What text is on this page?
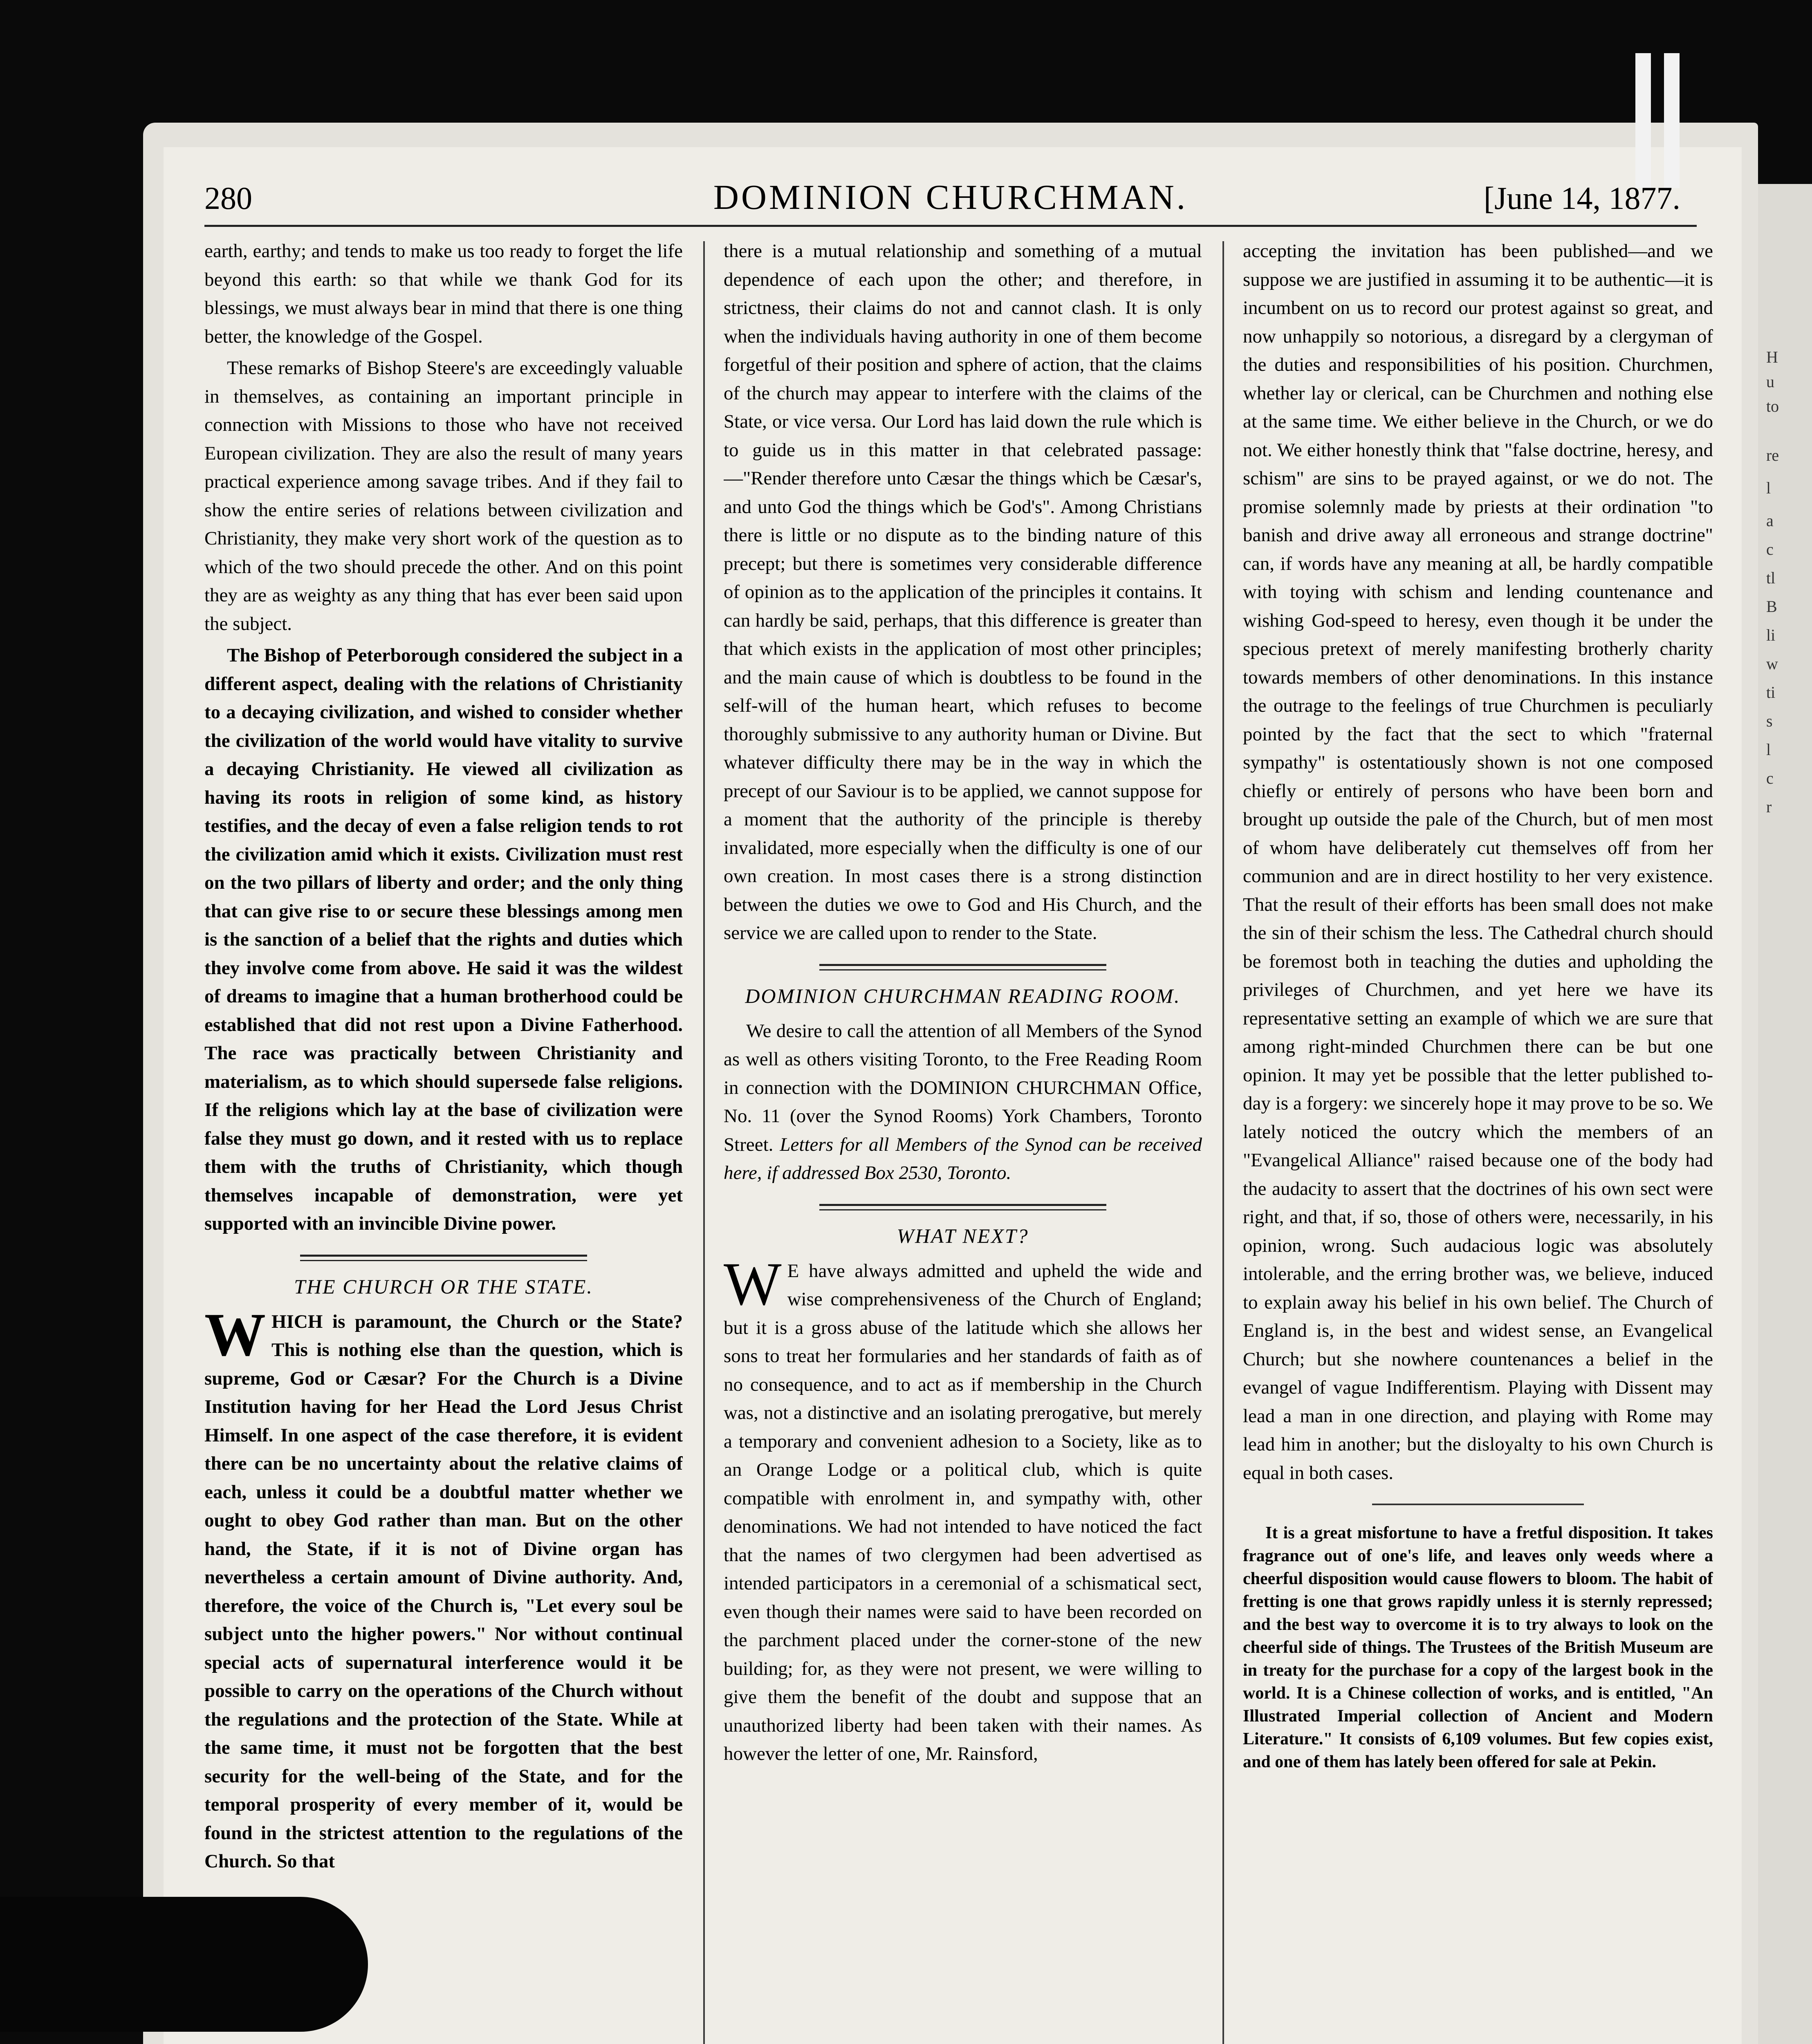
H
u
to
re
l
a
c
tl
B
li
w
ti
s
l
c
r
280	DOMINION CHURCHMAN.	[June 14, 1877.

earth, earthy; and tends to make us too ready to forget the life beyond this earth: so that while we thank God for its blessings, we must always bear in mind that there is one thing better, the knowledge of the Gospel.

These remarks of Bishop Steere's are exceedingly valuable in themselves, as containing an important principle in connection with Missions to those who have not received European civilization. They are also the result of many years practical experience among savage tribes. And if they fail to show the entire series of relations between civilization and Christianity, they make very short work of the question as to which of the two should precede the other. And on this point they are as weighty as any thing that has ever been said upon the subject.

The Bishop of Peterborough considered the subject in a different aspect, dealing with the relations of Christianity to a decaying civilization, and wished to consider whether the civilization of the world would have vitality to survive a decaying Christianity. He viewed all civilization as having its roots in religion of some kind, as history testifies, and the decay of even a false religion tends to rot the civilization amid which it exists. Civilization must rest on the two pillars of liberty and order; and the only thing that can give rise to or secure these blessings among men is the sanction of a belief that the rights and duties which they involve come from above. He said it was the wildest of dreams to imagine that a human brotherhood could be established that did not rest upon a Divine Fatherhood. The race was practically between Christianity and materialism, as to which should supersede false religions. If the religions which lay at the base of civilization were false they must go down, and it rested with us to replace them with the truths of Christianity, which though themselves incapable of demonstration, were yet supported with an invincible Divine power.

THE CHURCH OR THE STATE.

WHICH is paramount, the Church or the State? This is nothing else than the question, which is supreme, God or Cæsar? For the Church is a Divine Institution having for her Head the Lord Jesus Christ Himself. In one aspect of the case therefore, it is evident there can be no uncertainty about the relative claims of each, unless it could be a doubtful matter whether we ought to obey God rather than man. But on the other hand, the State, if it is not of Divine organ has nevertheless a certain amount of Divine authority. And, therefore, the voice of the Church is, "Let every soul be subject unto the higher powers." Nor without continual special acts of supernatural interference would it be possible to carry on the operations of the Church without the regulations and the protection of the State. While at the same time, it must not be forgotten that the best security for the well-being of the State, and for the temporal prosperity of every member of it, would be found in the strictest attention to the regulations of the Church. So that

there is a mutual relationship and something of a mutual dependence of each upon the other; and therefore, in strictness, their claims do not and cannot clash. It is only when the individuals having authority in one of them become forgetful of their position and sphere of action, that the claims of the church may appear to interfere with the claims of the State, or vice versa. Our Lord has laid down the rule which is to guide us in this matter in that celebrated passage: —"Render therefore unto Cæsar the things which be Cæsar's, and unto God the things which be God's". Among Christians there is little or no dispute as to the binding nature of this precept; but there is sometimes very considerable difference of opinion as to the application of the principles it contains. It can hardly be said, perhaps, that this difference is greater than that which exists in the application of most other principles; and the main cause of which is doubtless to be found in the self-will of the human heart, which refuses to become thoroughly submissive to any authority human or Divine. But whatever difficulty there may be in the way in which the precept of our Saviour is to be applied, we cannot suppose for a moment that the authority of the principle is thereby invalidated, more especially when the difficulty is one of our own creation. In most cases there is a strong distinction between the duties we owe to God and His Church, and the service we are called upon to render to the State.

DOMINION CHURCHMAN READING ROOM.

We desire to call the attention of all Members of the Synod as well as others visiting Toronto, to the Free Reading Room in connection with the DOMINION CHURCHMAN Office, No. 11 (over the Synod Rooms) York Chambers, Toronto Street. Letters for all Members of the Synod can be received here, if addressed Box 2530, Toronto.

WHAT NEXT?

W E have always admitted and upheld the wide and wise comprehensiveness of the Church of England; but it is a gross abuse of the latitude which she allows her sons to treat her formularies and her standards of faith as of no consequence, and to act as if membership in the Church was, not a distinctive and an isolating prerogative, but merely a temporary and convenient adhesion to a Society, like as to an Orange Lodge or a political club, which is quite compatible with enrolment in, and sympathy with, other denominations. We had not intended to have noticed the fact that the names of two clergymen had been advertised as intended participators in a ceremonial of a schismatical sect, even though their names were said to have been recorded on the parchment placed under the corner-stone of the new building; for, as they were not present, we were willing to give them the benefit of the doubt and suppose that an unauthorized liberty had been taken with their names. As however the letter of one, Mr. Rainsford,

accepting the invitation has been published—and we suppose we are justified in assuming it to be authentic—it is incumbent on us to record our protest against so great, and now unhappily so notorious, a disregard by a clergyman of the duties and responsibilities of his position. Churchmen, whether lay or clerical, can be Churchmen and nothing else at the same time. We either believe in the Church, or we do not. We either honestly think that "false doctrine, heresy, and schism" are sins to be prayed against, or we do not. The promise solemnly made by priests at their ordination "to banish and drive away all erroneous and strange doctrine" can, if words have any meaning at all, be hardly compatible with toying with schism and lending countenance and wishing God-speed to heresy, even though it be under the specious pretext of merely manifesting brotherly charity towards members of other denominations. In this instance the outrage to the feelings of true Churchmen is peculiarly pointed by the fact that the sect to which "fraternal sympathy" is ostentatiously shown is not one composed chiefly or entirely of persons who have been born and brought up outside the pale of the Church, but of men most of whom have deliberately cut themselves off from her communion and are in direct hostility to her very existence. That the result of their efforts has been small does not make the sin of their schism the less. The Cathedral church should be foremost both in teaching the duties and upholding the privileges of Churchmen, and yet here we have its representative setting an example of which we are sure that among right-minded Churchmen there can be but one opinion. It may yet be possible that the letter published to-day is a forgery: we sincerely hope it may prove to be so. We lately noticed the outcry which the members of an "Evangelical Alliance" raised because one of the body had the audacity to assert that the doctrines of his own sect were right, and that, if so, those of others were, necessarily, in his opinion, wrong. Such audacious logic was absolutely intolerable, and the erring brother was, we believe, induced to explain away his belief in his own belief. The Church of England is, in the best and widest sense, an Evangelical Church; but she nowhere countenances a belief in the evangel of vague Indifferentism. Playing with Dissent may lead a man in one direction, and playing with Rome may lead him in another; but the disloyalty to his own Church is equal in both cases.

It is a great misfortune to have a fretful disposition. It takes fragrance out of one's life, and leaves only weeds where a cheerful disposition would cause flowers to bloom. The habit of fretting is one that grows rapidly unless it is sternly repressed; and the best way to overcome it is to try always to look on the cheerful side of things. The Trustees of the British Museum are in treaty for the purchase for a copy of the largest book in the world. It is a Chinese collection of works, and is entitled, "An Illustrated Imperial collection of Ancient and Modern Literature." It consists of 6,109 volumes. But few copies exist, and one of them has lately been offered for sale at Pekin.
